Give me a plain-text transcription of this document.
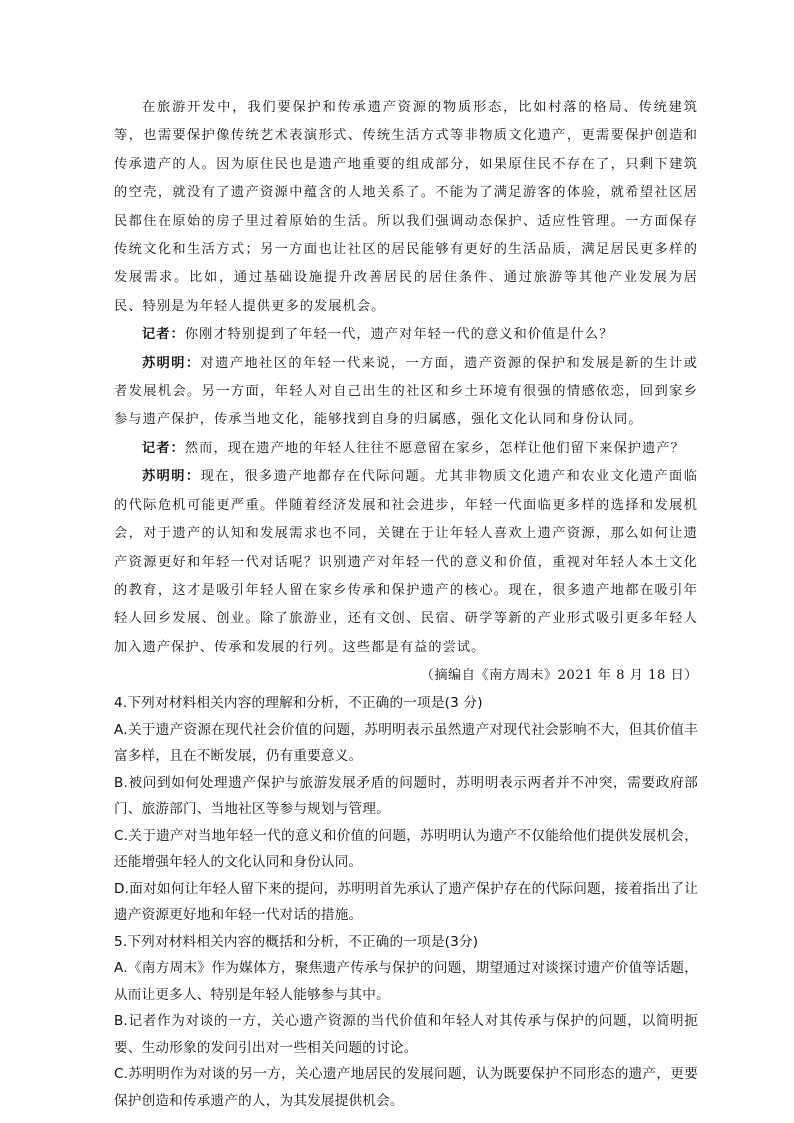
在旅游开发中，我们要保护和传承遗产资源的物质形态，比如村落的格局、传统建筑等，也需要保护像传统艺术表演形式、传统生活方式等非物质文化遗产，更需要保护创造和传承遗产的人。因为原住民也是遗产地重要的组成部分，如果原住民不存在了，只剩下建筑的空壳，就没有了遗产资源中蕴含的人地关系了。不能为了满足游客的体验，就希望社区居民都住在原始的房子里过着原始的生活。所以我们强调动态保护、适应性管理。一方面保存传统文化和生活方式；另一方面也让社区的居民能够有更好的生活品质，满足居民更多样的发展需求。比如，通过基础设施提升改善居民的居住条件、通过旅游等其他产业发展为居民、特别是为年轻人提供更多的发展机会。

记者：你刚才特别提到了年轻一代，遗产对年轻一代的意义和价值是什么？

苏明明：对遗产地社区的年轻一代来说，一方面，遗产资源的保护和发展是新的生计或者发展机会。另一方面，年轻人对自己出生的社区和乡土环境有很强的情感依恋，回到家乡参与遗产保护，传承当地文化，能够找到自身的归属感，强化文化认同和身份认同。

记者：然而，现在遗产地的年轻人往往不愿意留在家乡，怎样让他们留下来保护遗产？

苏明明：现在，很多遗产地都存在代际问题。尤其非物质文化遗产和农业文化遗产面临的代际危机可能更严重。伴随着经济发展和社会进步，年轻一代面临更多样的选择和发展机会，对于遗产的认知和发展需求也不同，关键在于让年轻人喜欢上遗产资源，那么如何让遗产资源更好和年轻一代对话呢？识别遗产对年轻一代的意义和价值，重视对年轻人本土文化的教育，这才是吸引年轻人留在家乡传承和保护遗产的核心。现在，很多遗产地都在吸引年轻人回乡发展、创业。除了旅游业，还有文创、民宿、研学等新的产业形式吸引更多年轻人加入遗产保护、传承和发展的行列。这些都是有益的尝试。

（摘编自《南方周末》2021 年 8 月 18 日）

4.下列对材料相关内容的理解和分析，不正确的一项是(3 分)

A.关于遗产资源在现代社会价值的问题，苏明明表示虽然遗产对现代社会影响不大，但其价值丰富多样，且在不断发展，仍有重要意义。

B.被问到如何处理遗产保护与旅游发展矛盾的问题时，苏明明表示两者并不冲突，需要政府部门、旅游部门、当地社区等参与规划与管理。

C.关于遗产对当地年轻一代的意义和价值的问题，苏明明认为遗产不仅能给他们提供发展机会，还能增强年轻人的文化认同和身份认同。

D.面对如何让年轻人留下来的提问，苏明明首先承认了遗产保护存在的代际问题，接着指出了让遗产资源更好地和年轻一代对话的措施。

5.下列对材料相关内容的概括和分析，不正确的一项是(3分)

A.《南方周末》作为媒体方，聚焦遗产传承与保护的问题，期望通过对谈探讨遗产价值等话题，从而让更多人、特别是年轻人能够参与其中。

B.记者作为对谈的一方，关心遗产资源的当代价值和年轻人对其传承与保护的问题，以简明扼要、生动形象的发问引出对一些相关问题的讨论。

C.苏明明作为对谈的另一方，关心遗产地居民的发展问题，认为既要保护不同形态的遗产，更要保护创造和传承遗产的人，为其发展提供机会。
